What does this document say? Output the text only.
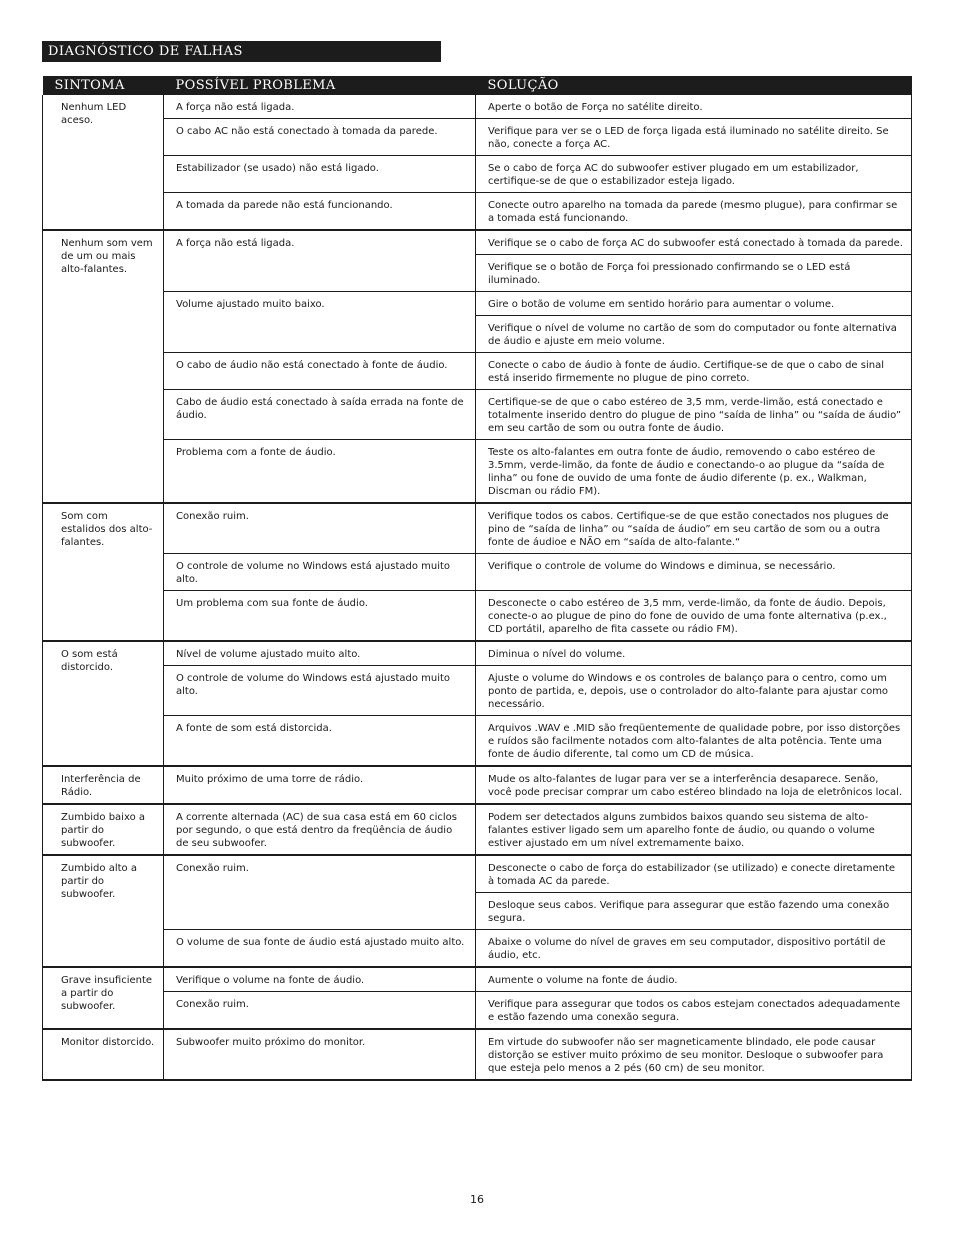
DIAGNÓSTICO DE FALHAS
SINTOMA	POSSÍVEL PROBLEMA	SOLUÇÃO
Nenhum LED aceso.	A força não está ligada.	Aperte o botão de Força no satélite direito.
	O cabo AC não está conectado à tomada da parede.	Verifique para ver se o LED de força ligada está iluminado no satélite direito. Se não, conecte a força AC.
	Estabilizador (se usado) não está ligado.	Se o cabo de força AC do subwoofer estiver plugado em um estabilizador, certifique-se de que o estabilizador esteja ligado.
	A tomada da parede não está funcionando.	Conecte outro aparelho na tomada da parede (mesmo plugue), para confirmar se a tomada está funcionando.
Nenhum som vem de um ou mais alto-falantes.	A força não está ligada.	Verifique se o cabo de força AC do subwoofer está conectado à tomada da parede.
		Verifique se o botão de Força foi pressionado confirmando se o LED está iluminado.
	Volume ajustado muito baixo.	Gire o botão de volume em sentido horário para aumentar o volume.
		Verifique o nível de volume no cartão de som do computador ou fonte alternativa de áudio e ajuste em meio volume.
	O cabo de áudio não está conectado à fonte de áudio.	Conecte o cabo de áudio à fonte de áudio. Certifique-se de que o cabo de sinal está inserido firmemente no plugue de pino correto.
	Cabo de áudio está conectado à saída errada na fonte de áudio.	Certifique-se de que o cabo estéreo de 3,5 mm, verde-limão, está conectado e totalmente inserido dentro do plugue de pino “saída de linha” ou “saída de áudio” em seu cartão de som ou outra fonte de áudio.
	Problema com a fonte de áudio.	Teste os alto-falantes em outra fonte de áudio, removendo o cabo estéreo de 3.5mm, verde-limão, da fonte de áudio e conectando-o ao plugue da “saída de linha” ou fone de ouvido de uma fonte de áudio diferente (p. ex., Walkman, Discman ou rádio FM).
Som com estalidos dos alto-falantes.	Conexão ruim.	Verifique todos os cabos. Certifique-se de que estão conectados nos plugues de pino de “saída de linha” ou “saída de áudio” em seu cartão de som ou a outra fonte de áudioe e NÃO em “saída de alto-falante.“
	O controle de volume no Windows está ajustado muito alto.	Verifique o controle de volume do Windows e diminua, se necessário.
	Um problema com sua fonte de áudio.	Desconecte o cabo estéreo de 3,5 mm, verde-limão, da fonte de áudio. Depois, conecte-o ao plugue de pino do fone de ouvido de uma fonte alternativa (p.ex., CD portátil, aparelho de fita cassete ou rádio FM).
O som está distorcido.	Nível de volume ajustado muito alto.	Diminua o nível do volume.
	O controle de volume do Windows está ajustado muito alto.	Ajuste o volume do Windows e os controles de balanço para o centro, como um ponto de partida, e, depois, use o controlador do alto-falante para ajustar como necessário.
	A fonte de som está distorcida.	Arquivos .WAV e .MID são freqüentemente de qualidade pobre, por isso distorções e ruídos são facilmente notados com alto-falantes de alta potência. Tente uma fonte de áudio diferente, tal como um CD de música.
Interferência de Rádio.	Muito próximo de uma torre de rádio.	Mude os alto-falantes de lugar para ver se a interferência desaparece. Senão, você pode precisar comprar um cabo estéreo blindado na loja de eletrônicos local.
Zumbido baixo a partir do subwoofer.	A corrente alternada (AC) de sua casa está em 60 ciclos por segundo, o que está dentro da freqüência de áudio de seu subwoofer.	Podem ser detectados alguns zumbidos baixos quando seu sistema de alto-falantes estiver ligado sem um aparelho fonte de áudio, ou quando o volume estiver ajustado em um nível extremamente baixo.
Zumbido alto a partir do subwoofer.	Conexão ruim.	Desconecte o cabo de força do estabilizador (se utilizado) e conecte diretamente à tomada AC da parede.
		Desloque seus cabos. Verifique para assegurar que estão fazendo uma conexão segura.
	O volume de sua fonte de áudio está ajustado muito alto.	Abaixe o volume do nível de graves em seu computador, dispositivo portátil de áudio, etc.
Grave insuficiente a partir do subwoofer.	Verifique o volume na fonte de áudio.	Aumente o volume na fonte de áudio.
	Conexão ruim.	Verifique para assegurar que todos os cabos estejam conectados adequadamente e estão fazendo uma conexão segura.
Monitor distorcido.	Subwoofer muito próximo do monitor.	Em virtude do subwoofer não ser magneticamente blindado, ele pode causar distorção se estiver muito próximo de seu monitor. Desloque o subwoofer para que esteja pelo menos a 2 pés (60 cm) de seu monitor.
16
